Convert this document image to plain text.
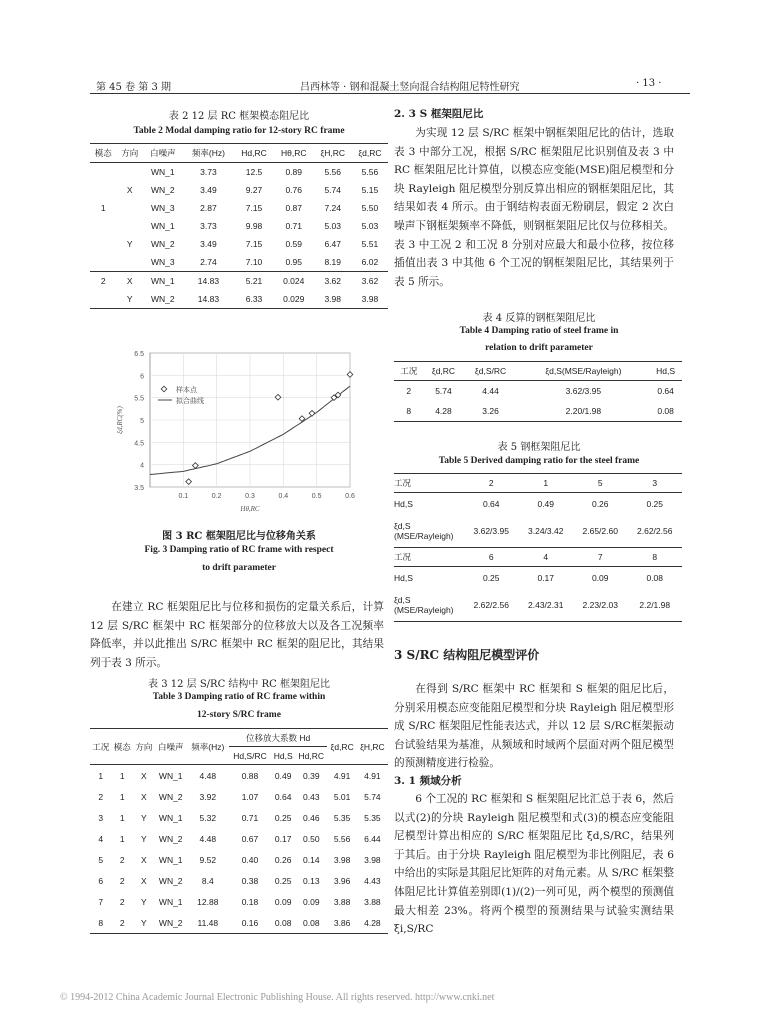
第 45 卷 第 3 期	吕西林等 · 钢和混凝土竖向混合结构阻尼特性研究	· 13 ·
表 2 12 层 RC 框架模态阻尼比
Table 2 Modal damping ratio for 12-story RC frame
模态	方向	白噪声	频率(Hz)	Hd,RC	Hθ,RC	ξH,RC	ξd,RC
		WN_1	3.73	12.5	0.89	5.56	5.56
	X	WN_2	3.49	9.27	0.76	5.74	5.15
1		WN_3	2.87	7.15	0.87	7.24	5.50
		WN_1	3.73	9.98	0.71	5.03	5.03
	Y	WN_2	3.49	7.15	0.59	6.47	5.51
		WN_3	2.74	7.10	0.95	8.19	6.02
2	X	WN_1	14.83	5.21	0.024	3.62	3.62
	Y	WN_2	14.83	6.33	0.029	3.98	3.98
3.5
4
4.5
5
5.5
6
6.5
0.1	0.2	0.3	0.4	0.5	0.6
Hθ,RC
ξd,RC(%)
样本点
拟合曲线
图 3 RC 框架阻尼比与位移角关系
Fig. 3 Damping ratio of RC frame with respect
to drift parameter

在建立 RC 框架阻尼比与位移和损伤的定量关系后，计算 12 层 S/RC 框架中 RC 框架部分的位移放大以及各工况频率降低率，并以此推出 S/RC 框架中 RC 框架的阻尼比，其结果列于表 3 所示。

表 3 12 层 S/RC 结构中 RC 框架阻尼比
Table 3 Damping ratio of RC frame within
12-story S/RC frame
工况	模态	方向	白噪声	频率(Hz)	位移放大系数 Hd			ξd,RC	ξH,RC
					Hd,S/RC	Hd,S	Hd,RC		
1	1	X	WN_1	4.48	0.88	0.49	0.39	4.91	4.91
2	1	X	WN_2	3.92	1.07	0.64	0.43	5.01	5.74
3	1	Y	WN_1	5.32	0.71	0.25	0.46	5.35	5.35
4	1	Y	WN_2	4.48	0.67	0.17	0.50	5.56	6.44
5	2	X	WN_1	9.52	0.40	0.26	0.14	3.98	3.98
6	2	X	WN_2	8.4	0.38	0.25	0.13	3.96	4.43
7	2	Y	WN_1	12.88	0.18	0.09	0.09	3.88	3.88
8	2	Y	WN_2	11.48	0.16	0.08	0.08	3.86	4.28
2. 3 S 框架阻尼比

为实现 12 层 S/RC 框架中钢框架阻尼比的估计，选取表 3 中部分工况，根据 S/RC 框架阻尼比识别值及表 3 中 RC 框架阻尼比计算值，以模态应变能(MSE)阻尼模型和分块 Rayleigh 阻尼模型分别反算出相应的钢框架阻尼比，其结果如表 4 所示。由于钢结构表面无粉刷层，假定 2 次白噪声下钢框架频率不降低，则钢框架阻尼比仅与位移相关。表 3 中工况 2 和工况 8 分别对应最大和最小位移，按位移插值出表 3 中其他 6 个工况的钢框架阻尼比，其结果列于表 5 所示。

表 4 反算的钢框架阻尼比
Table 4 Damping ratio of steel frame in
relation to drift parameter
工况	ξd,RC	ξd,S/RC	ξd,S(MSE/Rayleigh)	Hd,S
2	5.74	4.44	3.62/3.95	0.64
8	4.28	3.26	2.20/1.98	0.08
表 5 钢框架阻尼比
Table 5 Derived damping ratio for the steel frame
工况	2	1	5	3
Hd,S	0.64	0.49	0.26	0.25
ξd,S
(MSE/Rayleigh)	3.62/3.95	3.24/3.42	2.65/2.60	2.62/2.56
工况	6	4	7	8
Hd,S	0.25	0.17	0.09	0.08
ξd,S
(MSE/Rayleigh)	2.62/2.56	2.43/2.31	2.23/2.03	2.2/1.98
3 S/RC 结构阻尼模型评价

在得到 S/RC 框架中 RC 框架和 S 框架的阻尼比后，分别采用模态应变能阻尼模型和分块 Rayleigh 阻尼模型形成 S/RC 框架阻尼性能表达式，并以 12 层 S/RC框架振动台试验结果为基准，从频域和时域两个层面对两个阻尼模型的预测精度进行检验。

3. 1 频域分析

6 个工况的 RC 框架和 S 框架阻尼比汇总于表 6，然后以式(2)的分块 Rayleigh 阻尼模型和式(3)的模态应变能阻尼模型计算出相应的 S/RC 框架阻尼比 ξd,S/RC，结果列于其后。由于分块 Rayleigh 阻尼模型为非比例阻尼，表 6 中给出的实际是其阻尼比矩阵的对角元素。从 S/RC 框架整体阻尼比计算值差别即(1)/(2)一列可见，两个模型的预测值最大相差 23%。将两个模型的预测结果与试验实测结果 ξi,S/RC

© 1994-2012 China Academic Journal Electronic Publishing House. All rights reserved. http://www.cnki.net
